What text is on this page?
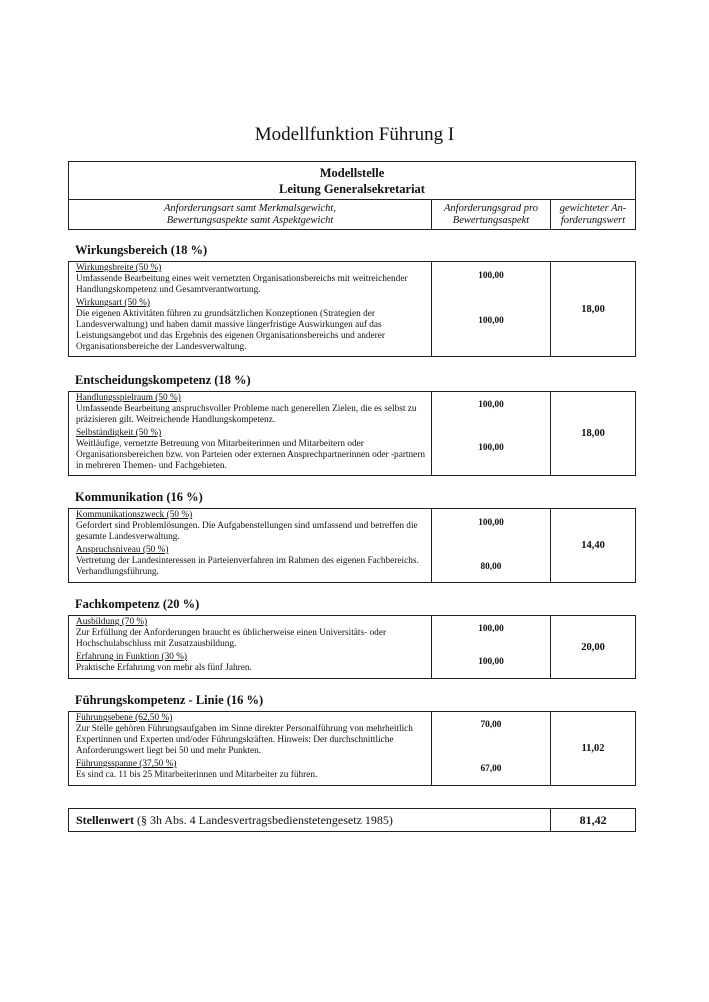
Modellfunktion Führung I
Modellstelle
Leitung Generalsekretariat
Anforderungsart samt Merkmalsgewicht,
Bewertungsaspekte samt Aspektgewicht
Anforderungsgrad pro
Bewertungsaspekt
gewichteter An-
forderungswert
Wirkungsbereich (18 %)
Wirkungsbreite (50 %)
Umfassende Bearbeitung eines weit vernetzten Organisationsbereichs mit weitreichender Handlungskompetenz und Gesamtverantwortung.
Wirkungsart (50 %)
Die eigenen Aktivitäten führen zu grundsätzlichen Konzeptionen (Strategien der Landesverwaltung) und haben damit massive längerfristige Auswirkungen auf das Leistungsangebot und das Ergebnis des eigenen Organisationsbereichs und anderer Organisationsbereiche der Landesverwaltung.
100,00
100,00
18,00
Entscheidungskompetenz (18 %)
Handlungsspielraum (50 %)
Umfassende Bearbeitung anspruchsvoller Probleme nach generellen Zielen, die es selbst zu präzisieren gilt. Weitreichende Handlungskompetenz.
Selbständigkeit (50 %)
Weitläufige, vernetzte Betreuung von Mitarbeiterinnen und Mitarbeitern oder Organisationsbereichen bzw. von Parteien oder externen Ansprechpartnerinnen oder -partnern in mehreren Themen- und Fachgebieten.
100,00
100,00
18,00
Kommunikation (16 %)
Kommunikationszweck (50 %)
Gefordert sind Problemlösungen. Die Aufgabenstellungen sind umfassend und betreffen die gesamte Landesverwaltung.
Anspruchsniveau (50 %)
Vertretung der Landesinteressen in Parteienverfahren im Rahmen des eigenen Fachbereichs. Verhandlungsführung.
100,00
80,00
14,40
Fachkompetenz (20 %)
Ausbildung (70 %)
Zur Erfüllung der Anforderungen braucht es üblicherweise einen Universitäts- oder Hochschulabschluss mit Zusatzausbildung.
Erfahrung in Funktion (30 %)
Praktische Erfahrung von mehr als fünf Jahren.
100,00
100,00
20,00
Führungskompetenz - Linie (16 %)
Führungsebene (62,50 %)
Zur Stelle gehören Führungsaufgaben im Sinne direkter Personalführung von mehrheitlich Expertinnen und Experten und/oder Führungskräften. Hinweis: Der durchschnittliche Anforderungswert liegt bei 50 und mehr Punkten.
Führungsspanne (37,50 %)
Es sind ca. 11 bis 25 Mitarbeiterinnen und Mitarbeiter zu führen.
70,00
67,00
11,02
Stellenwert (§ 3h Abs. 4 Landesvertragsbedienstetengesetz 1985)	81,42
